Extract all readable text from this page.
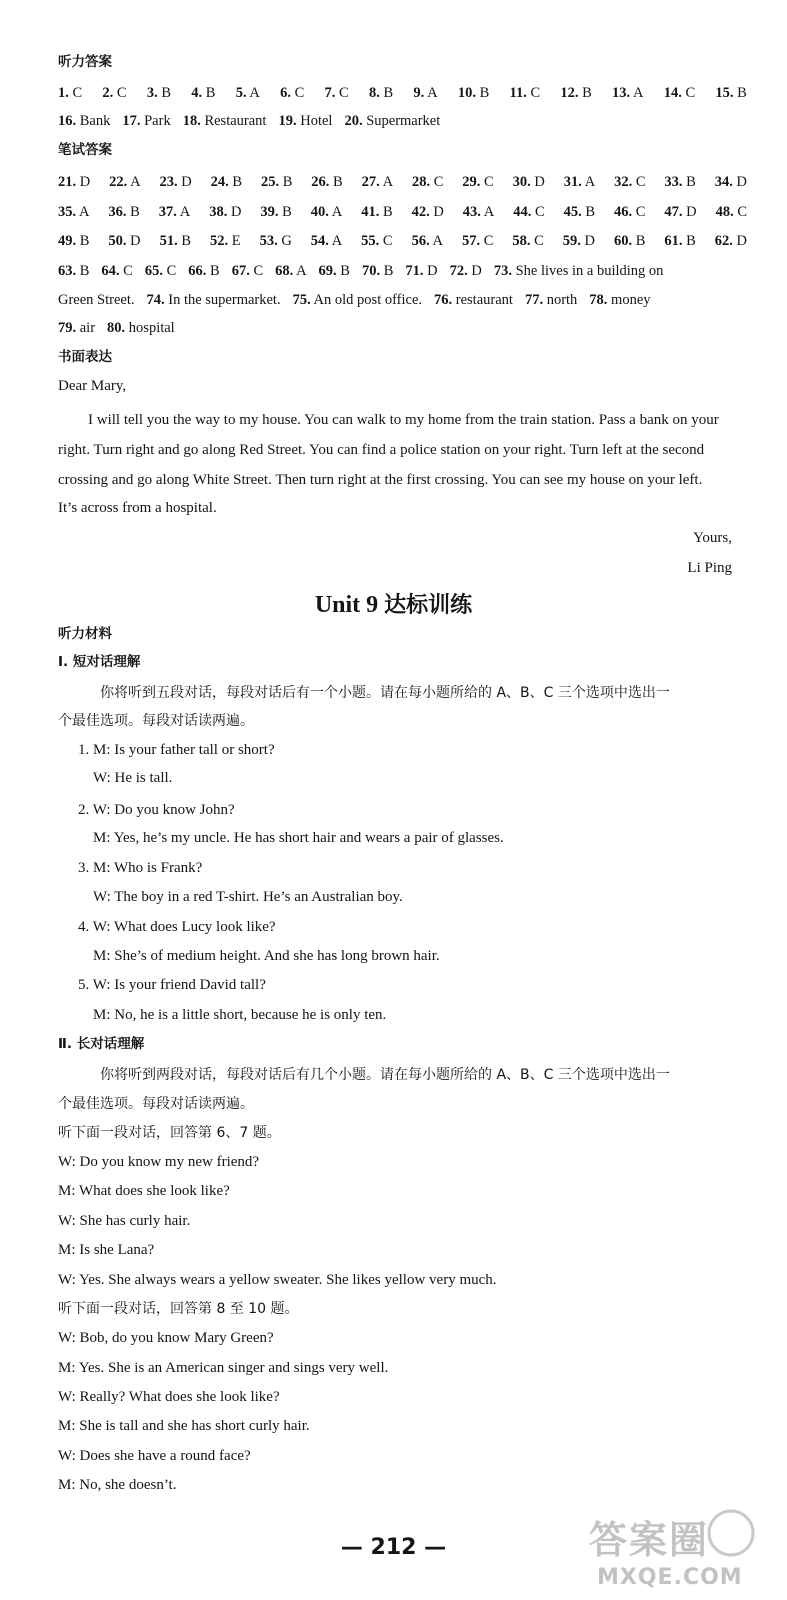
听力答案
1. C 2. C 3. B 4. B 5. A 6. C 7. C 8. B 9. A 10. B 11. C 12. B 13. A 14. C 15. B
16. Bank 17. Park 18. Restaurant 19. Hotel 20. Supermarket
笔试答案
21. D 22. A 23. D 24. B 25. B 26. B 27. A 28. C 29. C 30. D 31. A 32. C 33. B 34. D
35. A 36. B 37. A 38. D 39. B 40. A 41. B 42. D 43. A 44. C 45. B 46. C 47. D 48. C
49. B 50. D 51. B 52. E 53. G 54. A 55. C 56. A 57. C 58. C 59. D 60. B 61. B 62. D
63. B 64. C 65. C 66. B 67. C 68. A 69. B 70. B 71. D 72. D 73. She lives in a building on
Green Street. 74. In the supermarket. 75. An old post office. 76. restaurant 77. north 78. money
79. air 80. hospital
书面表达
Dear Mary,
I will tell you the way to my house. You can walk to my home from the train station. Pass a bank on your
right. Turn right and go along Red Street. You can find a police station on your right. Turn left at the second
crossing and go along White Street. Then turn right at the first crossing. You can see my house on your left.
It’s across from a hospital.
Yours,
Li Ping
Unit 9 达标训练
听力材料
Ⅰ. 短对话理解
你将听到五段对话，每段对话后有一个小题。请在每小题所给的 A、B、C 三个选项中选出一
个最佳选项。每段对话读两遍。
1. M: Is your father tall or short?
W: He is tall.
2. W: Do you know John?
M: Yes, he’s my uncle. He has short hair and wears a pair of glasses.
3. M: Who is Frank?
W: The boy in a red T-shirt. He’s an Australian boy.
4. W: What does Lucy look like?
M: She’s of medium height. And she has long brown hair.
5. W: Is your friend David tall?
M: No, he is a little short, because he is only ten.
Ⅱ. 长对话理解
你将听到两段对话，每段对话后有几个小题。请在每小题所给的 A、B、C 三个选项中选出一
个最佳选项。每段对话读两遍。
听下面一段对话，回答第 6、7 题。
W: Do you know my new friend?
M: What does she look like?
W: She has curly hair.
M: Is she Lana?
W: Yes. She always wears a yellow sweater. She likes yellow very much.
听下面一段对话，回答第 8 至 10 题。
W: Bob, do you know Mary Green?
M: Yes. She is an American singer and sings very well.
W: Really? What does she look like?
M: She is tall and she has short curly hair.
W: Does she have a round face?
M: No, she doesn’t.
— 212 —	答案圈
MXQE.COM
